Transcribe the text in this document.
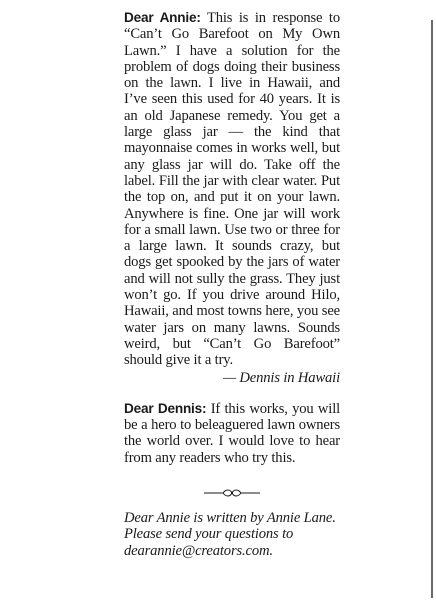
Dear Annie: This is in response to “Can’t Go Barefoot on My Own Lawn.” I have a solution for the problem of dogs doing their business on the lawn. I live in Hawaii, and I’ve seen this used for 40 years. It is an old Japanese remedy. You get a large glass jar — the kind that mayonnaise comes in works well, but any glass jar will do. Take off the label. Fill the jar with clear water. Put the top on, and put it on your lawn. Anywhere is fine. One jar will work for a small lawn. Use two or three for a large lawn. It sounds crazy, but dogs get spooked by the jars of water and will not sully the grass. They just won’t go. If you drive around Hilo, Hawaii, and most towns here, you see water jars on many lawns. Sounds weird, but “Can’t Go Barefoot” should give it a try.

— Dennis in Hawaii

Dear Dennis: If this works, you will be a hero to beleaguered lawn owners the world over. I would love to hear from any readers who try this.

Dear Annie is written by Annie Lane. Please send your questions to dearannie@creators.com.
